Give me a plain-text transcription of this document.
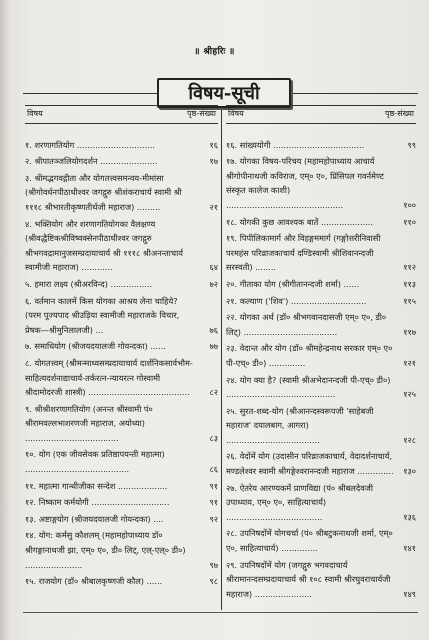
॥ श्रीहरिः ॥
विषय-सूची
विषय	पृष्ठ-संख्या
१. शरणागतियोग ..............................	१६
२. श्रीपातञ्जलियोगदर्शन ......................	१७
३. श्रीमद्भगवद्गीता और योगतत्त्वसमन्वय-मीमांसा (श्रीगोवर्धनपीठाधीश्वर जगद्गुरु श्रीशंकराचार्य स्वामी श्री १११८ श्रीभारतीकृष्णतीर्थजी महाराज) .........	२१
४. भक्तियोग और शरणागतियोगका वैलक्षण्य (श्रीवद्धैष्टिकश्रीविष्वक्सेनपीठाधीश्वर जगद्गुरु श्रीभगवद्रामानुजसम्प्रदायाचार्य श्री १११८ श्रीअनन्ताचार्य स्वामीजी महाराज) ............	६४
५. हमारा लक्ष्य (श्रीअरविन्द) ................	७२
६. वर्तमान कालमें किस योगका आश्रय लेना चाहिये? (परम पूज्यपाद श्रीउड़िया स्वामीजी महाराजके विचार, प्रेषक—श्रीमुनिलालजी) ...	७६
७. समाधियोग (श्रीजयदयालजी गोयन्दका) ......	७७
८. योगतत्त्वम् (श्रीमन्माध्वसम्प्रदायाचार्य दार्शनिकसार्वभौम-साहित्यदर्शनाद्याचार्य-तर्करत्न-न्यायरत्न गोस्वामी श्रीदामोदरजी शास्त्री) .......................................	८२
९. श्रीश्रीशरणागतियोग (अनन्त श्रीस्वामी पं० श्रीरामवल्लभाशरणजी महाराज, अयोध्या) ....................................	८३
१०. योग (एक जीवसेवक प्रतिष्ठापयन्ती महात्मा) ........................................	८६
११. महात्मा गान्धीजीका सन्देश ...................	९१
१२. निष्काम कर्मयोगी ..............................	९१
१३. अष्टाङ्गयोग (श्रीजयदयालजी गोयन्दका) ....	९२
१४. योग: कर्मसु कौशलम् (महामहोपाध्याय डॉ० श्रीगङ्गानाथजी झा, एम्० ए०, डी० लिट्, एल्-एल्० डी०) ......................	९७
१५. राजयोग (डॉ० श्रीबालकृष्णजी कौल) ......	९८
विषय	पृष्ठ-संख्या
१६. सांख्ययोगी ...................................	९९
१७. योगका विषय-परिचय (महामहोपाध्याय आचार्य श्रीगोपीनाथजी कविराज, एम्० ए०, प्रिंसिपल गवर्नमेण्ट संस्कृत कालेज काशी) .............................................	१००
१८. योगकी कुछ आवश्यक बातें ....................	११०
१९. पिपीलिकामार्ग और विहङ्गममार्ग (गङ्गोत्तरीनिवासी परमहंस परिव्राजकाचार्य दण्डिस्वामी श्रीशिवानन्दजी सरस्वती) ........	११२
२०. गीताका योग (श्रीगीतानन्दजी शर्मा) ......	११३
२१. कल्याण ('शिव') .............................	११५
२२. योगका अर्थ (डॉ० श्रीभगवानदासजी एम्० ए०, डी० लिट्) ....................................	११७
२३. वेदान्त और योग (डॉ० श्रीमहेन्द्रनाथ सरकार एम्० ए० पी-एच्० डी०) ..............	१२१
२४. योग क्या है? (स्वामी श्रीअभेदानन्दजी पी-एच्० डी०) ..........................................	१२५
२५. सुरत-शब्द-योग (श्रीआनन्दस्वरूपजी 'साहेबजी महाराज' दयालबाग, आगरा) ....................................	१२८
२६. वेदोंमें योग (उदासीन परिव्राजकाचार्य, वेदादर्शनाचार्य, मण्डलेश्वर स्वामी श्रीगङ्गेश्वरानन्दजी महाराज ..............	१३०
२७. ऐतरेय आरण्यकमें प्राणविद्या (पं० श्रीबलदेवजी उपाध्याय, एम्० ए०, साहित्याचार्य) .....................................	१३६
२८. उपनिषदोंमें योगचर्चा (पं० श्रीबटुकनाथजी शर्मा, एम्० ए०, साहित्याचार्य) ..............	१४१
२९. उपनिषदोंमें योग (जगद्गुरु भगवदाचार्य श्रीरामानन्दसम्प्रदायाचार्य श्री १०८ स्वामी श्रीरघुवराचार्यजी महाराज) ......................	१४९
